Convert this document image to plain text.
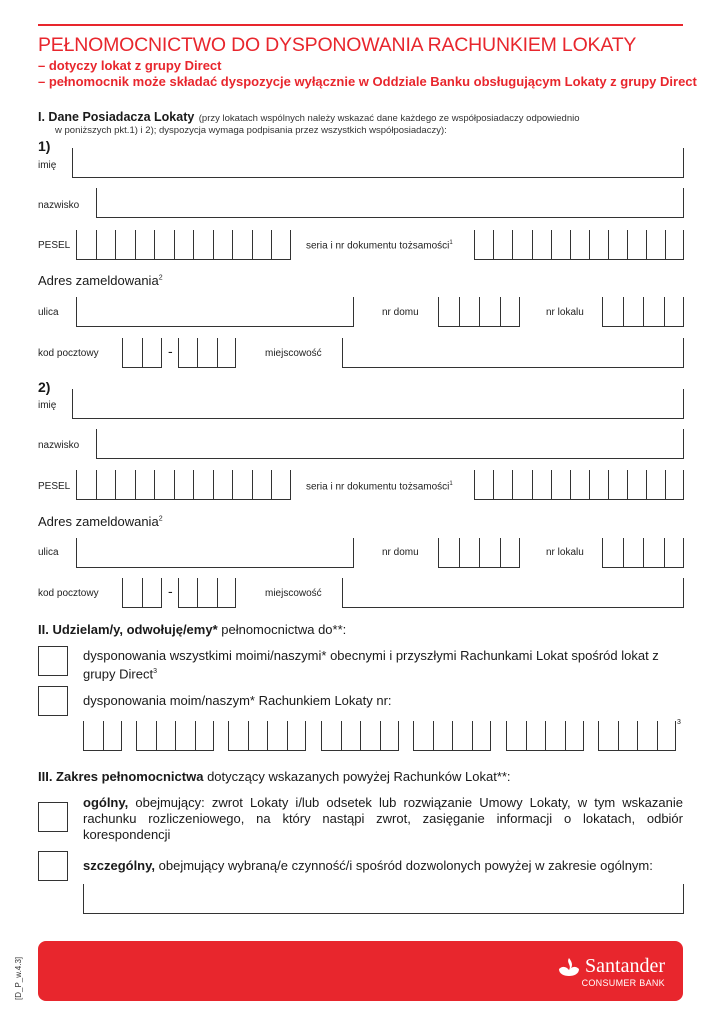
PEŁNOMOCNICTWO DO DYSPONOWANIA RACHUNKIEM LOKATY
– dotyczy lokat z grupy Direct
– pełnomocnik może składać dyspozycje wyłącznie w Oddziale Banku obsługującym Lokaty z grupy Direct
I. Dane Posiadacza Lokaty (przy lokatach wspólnych należy wskazać dane każdego ze współposiadaczy odpowiednio
w poniższych pkt.1) i 2); dyspozycja wymaga podpisania przez wszystkich współposiadaczy):
1)
imię
nazwisko
PESEL	seria i nr dokumentu tożsamości$^1$
Adres zameldowania$^2$
ulica	nr domu	nr lokalu
kod pocztowy	-	miejscowość
2)
imię
nazwisko
PESEL	seria i nr dokumentu tożsamości$^1$
Adres zameldowania$^2$
ulica	nr domu	nr lokalu
kod pocztowy	-	miejscowość
II. Udzielam/y, odwołuję/emy* pełnomocnictwa do**:
dysponowania wszystkimi moimi/naszymi* obecnymi i przyszłymi Rachunkami Lokat spośród lokat z grupy Direct$^3$
dysponowania moim/naszym* Rachunkiem Lokaty nr:
3
III. Zakres pełnomocnictwa dotyczący wskazanych powyżej Rachunków Lokat**:
ogólny, obejmujący: zwrot Lokaty i/lub odsetek lub rozwiązanie Umowy Lokaty, w tym wskazanie rachunku rozliczeniowego, na który nastąpi zwrot, zasięganie informacji o lokatach, odbiór korespondencji
szczególny, obejmujący wybraną/e czynność/i spośród dozwolonych powyżej w zakresie ogólnym:
[D_P_w.4.3]	Santander
CONSUMER BANK
